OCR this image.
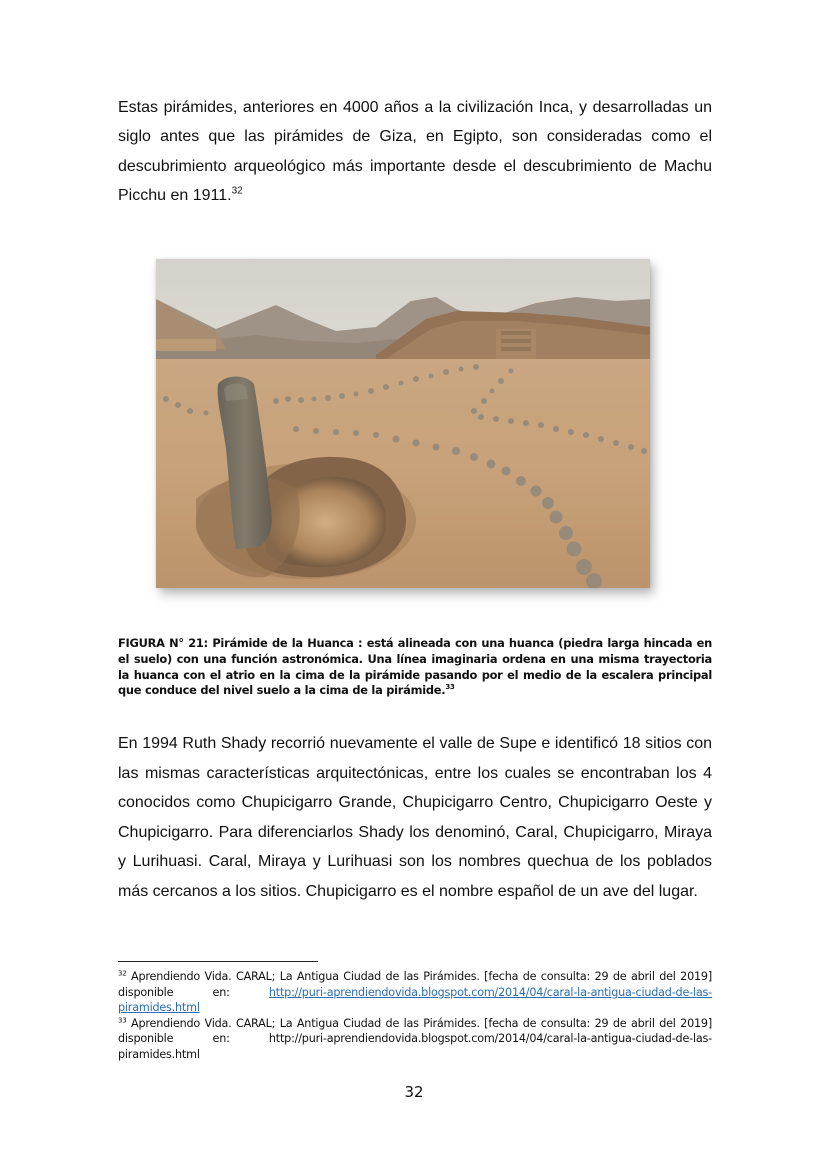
Estas pirámides, anteriores en 4000 años a la civilización Inca, y desarrolladas un siglo antes que las pirámides de Giza, en Egipto, son consideradas como el descubrimiento arqueológico más importante desde el descubrimiento de Machu Picchu en 1911.32

FIGURA N° 21: Pirámide de la Huanca : está alineada con una huanca (piedra larga hincada en el suelo) con una función astronómica. Una línea imaginaria ordena en una misma trayectoria la huanca con el atrio en la cima de la pirámide pasando por el medio de la escalera principal que conduce del nivel suelo a la cima de la pirámide.$^{33}$

En 1994 Ruth Shady recorrió nuevamente el valle de Supe e identificó 18 sitios con las mismas características arquitectónicas, entre los cuales se encontraban los 4 conocidos como Chupicigarro Grande, Chupicigarro Centro, Chupicigarro Oeste y Chupicigarro. Para diferenciarlos Shady los denominó, Caral, Chupicigarro, Miraya y Lurihuasi. Caral, Miraya y Lurihuasi son los nombres quechua de los poblados más cercanos a los sitios. Chupicigarro es el nombre español de un ave del lugar.

$^{32}$ Aprendiendo Vida. CARAL; La Antigua Ciudad de las Pirámides. [fecha de consulta: 29 de abril del 2019] disponible en: http://puri-aprendiendovida.blogspot.com/2014/04/caral-la-antigua-ciudad-de-las-piramides.html

$^{33}$ Aprendiendo Vida. CARAL; La Antigua Ciudad de las Pirámides. [fecha de consulta: 29 de abril del 2019] disponible en: http://puri-aprendiendovida.blogspot.com/2014/04/caral-la-antigua-ciudad-de-las-piramides.html

32
